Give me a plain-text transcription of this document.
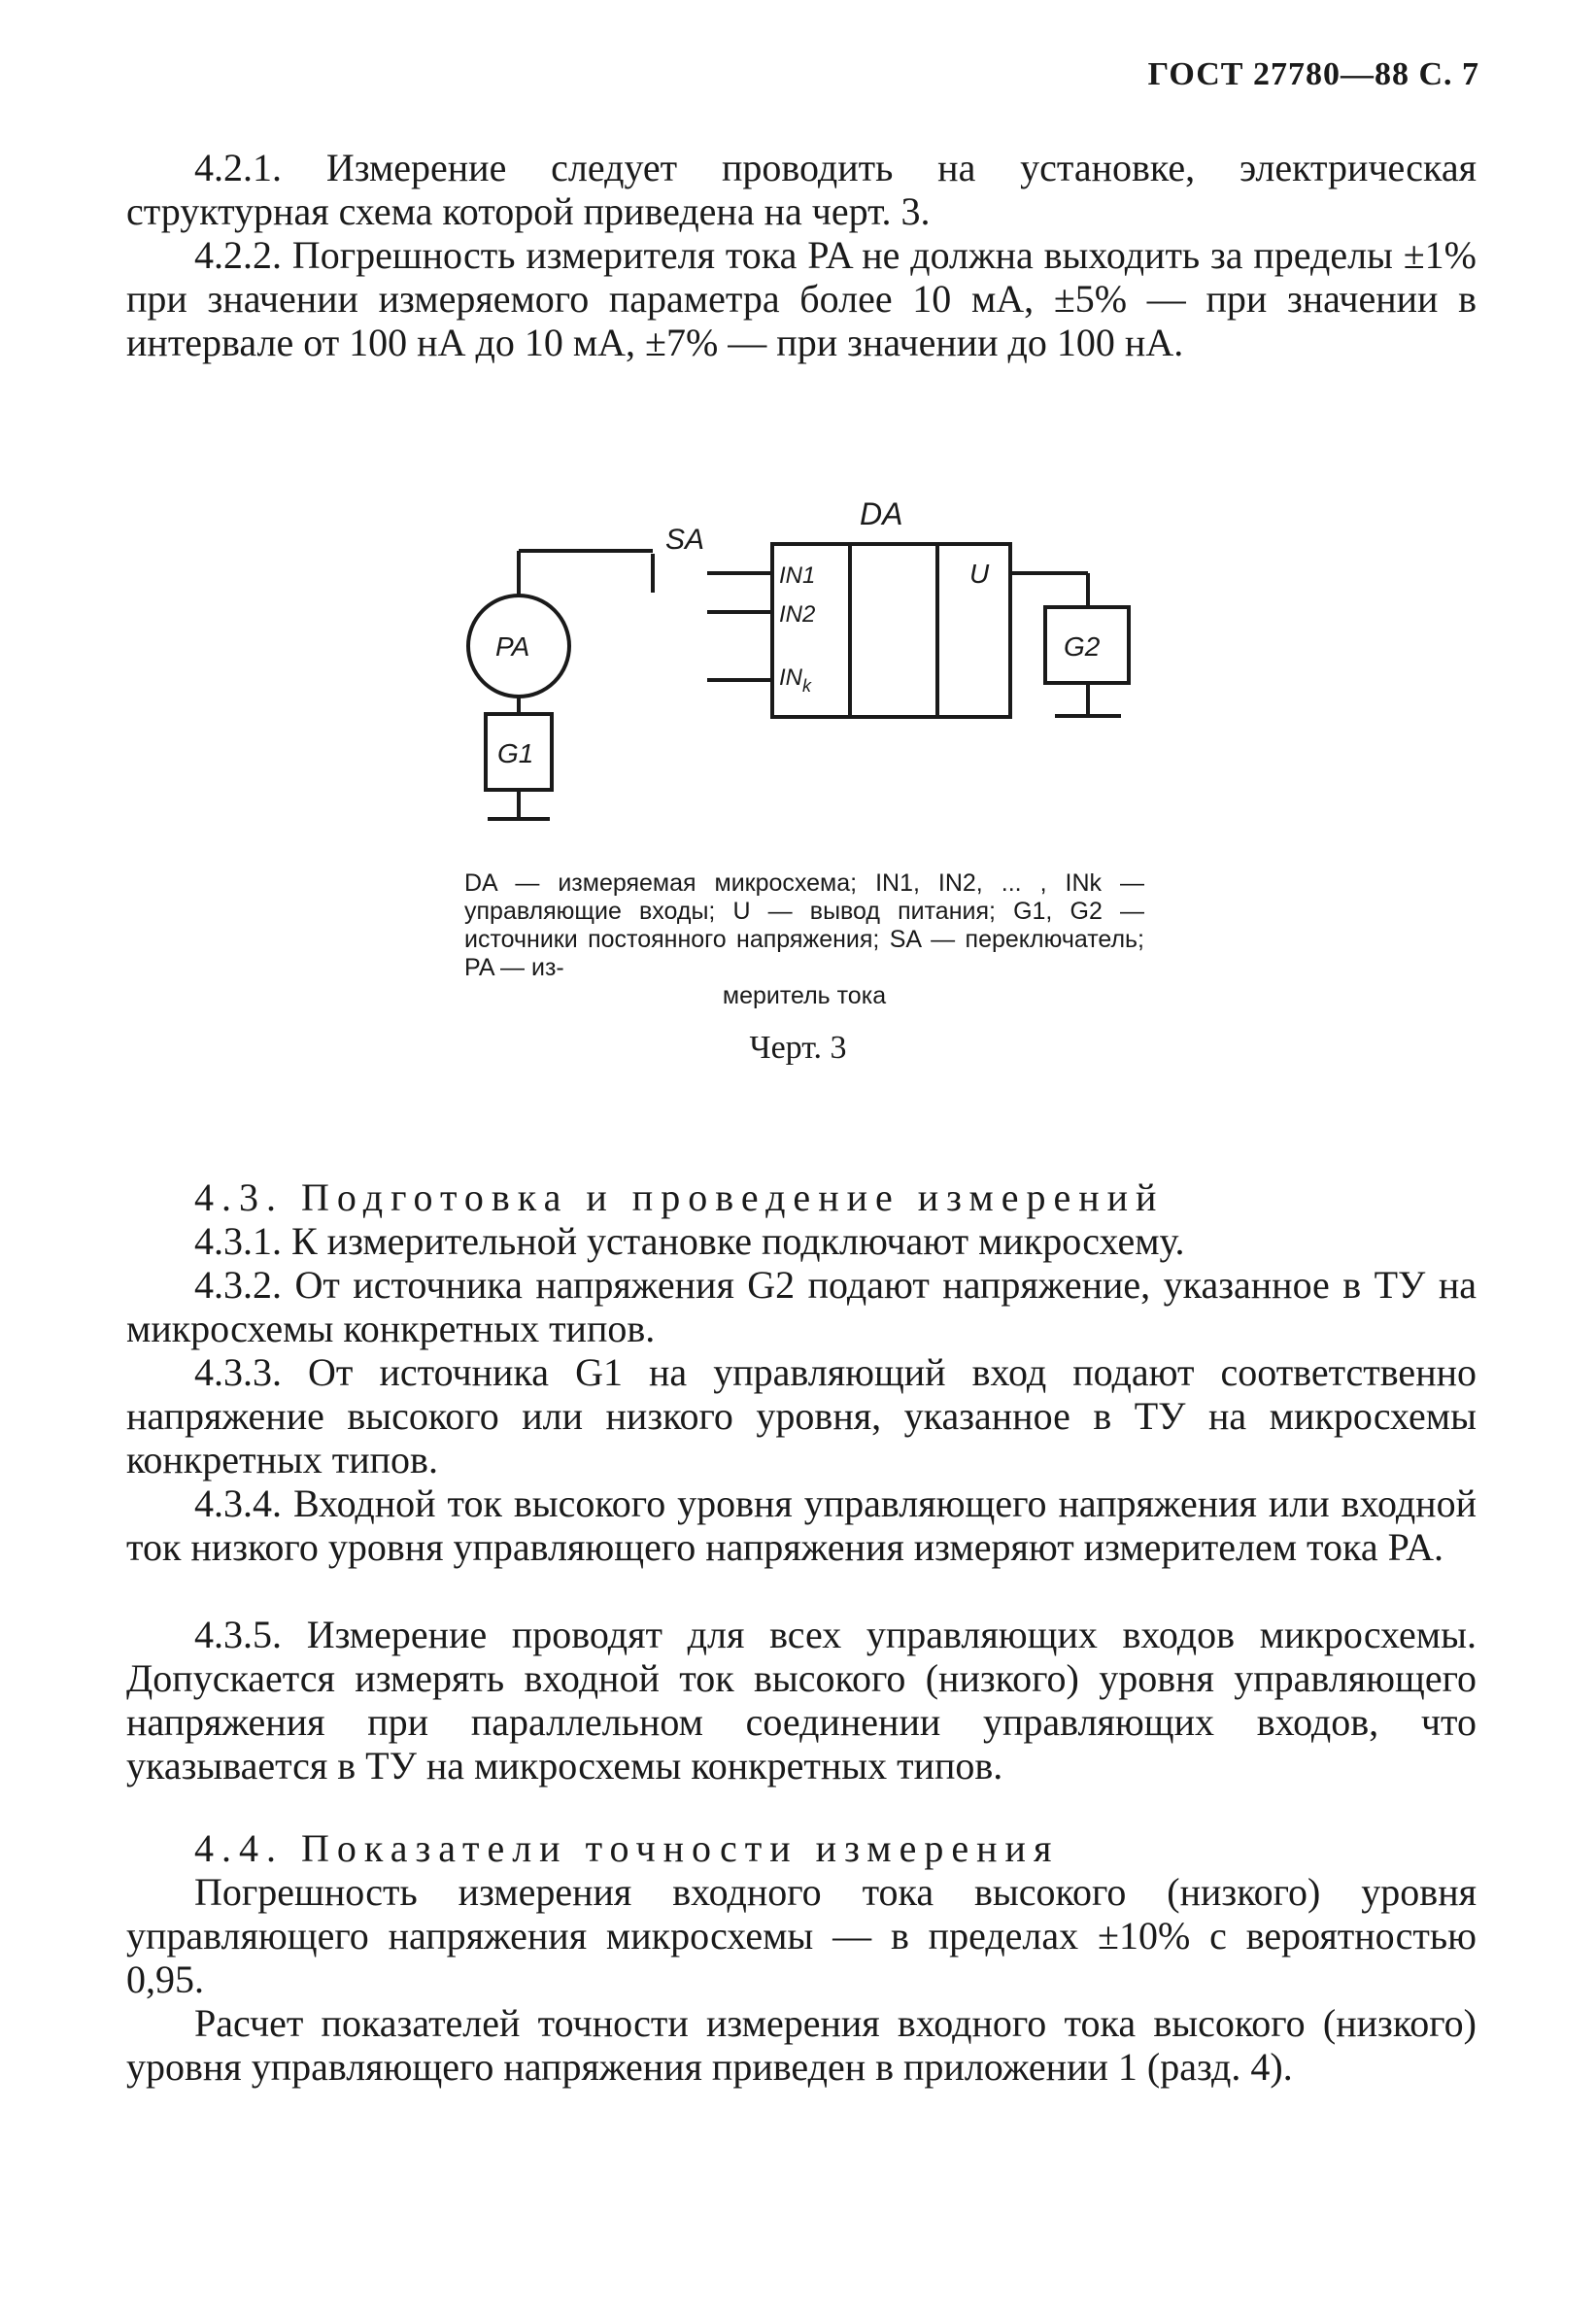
ГОСТ 27780—88 С. 7

4.2.1. Измерение следует проводить на установке, электрическая структурная схема которой приведена на черт. 3.

4.2.2. Погрешность измерителя тока PA не должна выходить за пределы ±1% при значении измеряемого параметра более 10 мА, ±5% — при значении в интервале от 100 нА до 10 мА, ±7% — при значении до 100 нА.

DA
IN1
IN2
$IN_k$
U
SA
PA
G1
G2
DA — измеряемая микросхема; IN1, IN2, ... , INk — управляющие входы; U — вывод питания; G1, G2 — источники постоянного напряжения; SA — переключатель; PA — из-
меритель тока
Черт. 3

4.3. Подготовка и проведение измерений

4.3.1. К измерительной установке подключают микросхему.

4.3.2. От источника напряжения G2 подают напряжение, указанное в ТУ на микросхемы конкретных типов.

4.3.3. От источника G1 на управляющий вход подают соответственно напряжение высокого или низкого уровня, указанное в ТУ на микросхемы конкретных типов.

4.3.4. Входной ток высокого уровня управляющего напряжения или входной ток низкого уровня управляющего напряжения измеряют измерителем тока PA.

4.3.5. Измерение проводят для всех управляющих входов микросхемы. Допускается измерять входной ток высокого (низкого) уровня управляющего напряжения при параллельном соединении управляющих входов, что указывается в ТУ на микросхемы конкретных типов.

4.4. Показатели точности измерения

Погрешность измерения входного тока высокого (низкого) уровня управляющего напряжения микросхемы — в пределах ±10% с вероятностью 0,95.

Расчет показателей точности измерения входного тока высокого (низкого) уровня управляющего напряжения приведен в приложении 1 (разд. 4).
